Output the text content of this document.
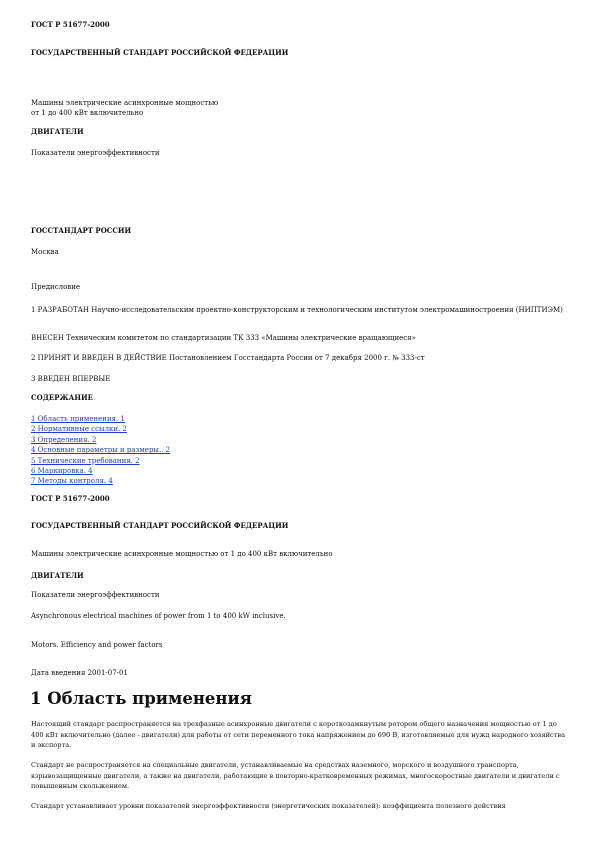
ГОСТ Р 51677-2000
ГОСУДАРСТВЕННЫЙ СТАНДАРТ РОССИЙСКОЙ ФЕДЕРАЦИИ
Машины электрические асинхронные мощностью
от 1 до 400 кВт включительно
ДВИГАТЕЛИ
Показатели энергоэффективности
ГОССТАНДАРТ РОССИИ
Москва
Предисловие
1 РАЗРАБОТАН Научно-исследовательским проектно-конструкторским и технологическим институтом электромашиностроения (НИПТИЭМ)
ВНЕСЕН Техническим комитетом по стандартизации ТК 333 «Машины электрические вращающиеся»
2 ПРИНЯТ И ВВЕДЕН В ДЕЙСТВИЕ Постановлением Госстандарта России от 7 декабря 2000 г. № 333-ст
3 ВВЕДЕН ВПЕРВЫЕ
СОДЕРЖАНИЕ
1 Область применения. 1
2 Нормативные ссылки. 2
3 Определения. 2
4 Основные параметры и размеры.. 2
5 Технические требования. 2
6 Маркировка. 4
7 Методы контроля. 4
ГОСТ Р 51677-2000
ГОСУДАРСТВЕННЫЙ СТАНДАРТ РОССИЙСКОЙ ФЕДЕРАЦИИ
Машины электрические асинхронные мощностью от 1 до 400 кВт включительно
ДВИГАТЕЛИ
Показатели энергоэффективности
Asynchronous electrical machines of power from 1 to 400 kW inclusive.
Motors. Efficiency and power factors
Дата введения 2001-07-01
1 Область применения
Настоящий стандарт распространяется на трехфазные асинхронные двигатели с короткозамкнутым ротором общего назначения мощностью от 1 до 400 кВт включительно (далее - двигатели) для работы от сети переменного тока напряжением до 690 В, изготовляемые для нужд народного хозяйства и экспорта.
Стандарт не распространяется на специальные двигатели, устанавливаемые на средствах наземного, морского и воздушного транспорта, взрывозащищенные двигатели, а также на двигатели, работающие в повторно-кратковременных режимах, многоскоростные двигатели и двигатели с повышенным скольжением.
Стандарт устанавливает уровни показателей энергоэффективности (энергетических показателей): коэффициента полезного действия
